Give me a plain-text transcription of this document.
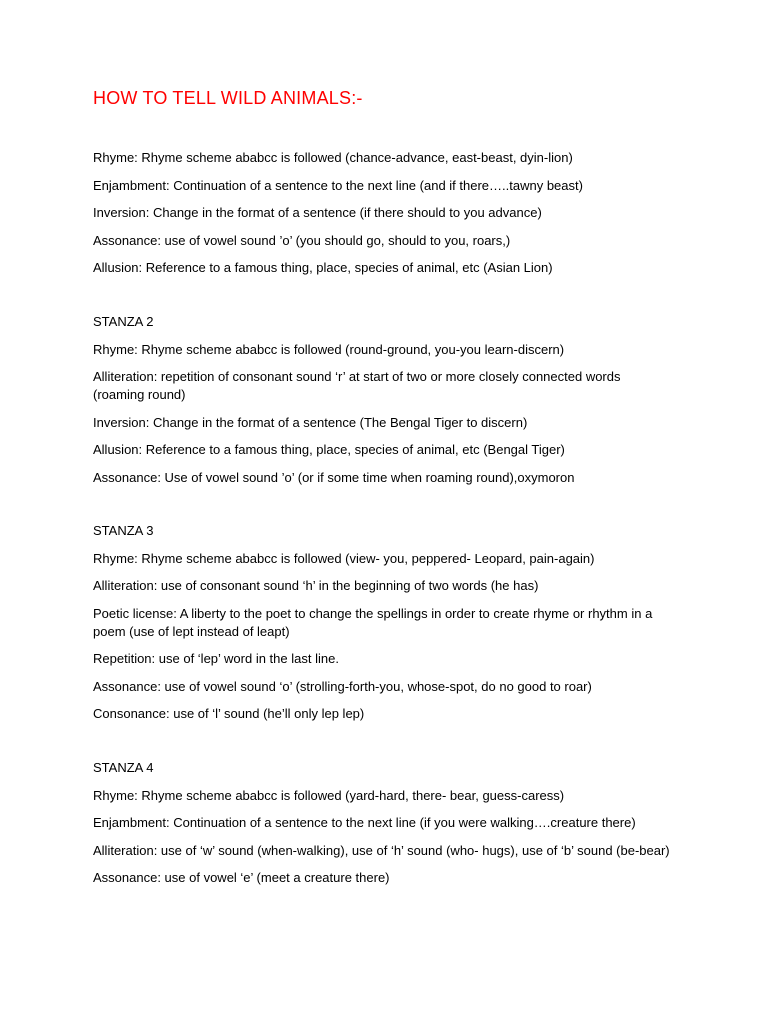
HOW TO TELL WILD ANIMALS:-
Rhyme: Rhyme scheme ababcc is followed (chance-advance, east-beast, dyin-lion)
Enjambment: Continuation of a sentence to the next line (and if there…..tawny beast)
Inversion: Change in the format of a sentence (if there should to you advance)
Assonance: use of vowel sound ’o’ (you should go, should to you, roars,)
Allusion: Reference to a famous thing, place, species of animal, etc (Asian Lion)
STANZA 2
Rhyme: Rhyme scheme ababcc is followed (round-ground, you-you learn-discern)
Alliteration: repetition of consonant sound ‘r’ at start of two or more closely connected words (roaming round)
Inversion: Change in the format of a sentence (The Bengal Tiger to discern)
Allusion: Reference to a famous thing, place, species of animal, etc (Bengal Tiger)
Assonance: Use of vowel sound ’o’ (or if some time when roaming round),oxymoron
STANZA 3
Rhyme: Rhyme scheme ababcc is followed (view- you, peppered- Leopard, pain-again)
Alliteration: use of consonant sound ‘h’ in the beginning of two words (he has)
Poetic license: A liberty to the poet to change the spellings in order to create rhyme or rhythm in a poem (use of lept instead of leapt)
Repetition: use of ‘lep’ word in the last line.
Assonance: use of vowel sound ‘o’ (strolling-forth-you, whose-spot, do no good to roar)
Consonance: use of ‘l’ sound (he’ll only lep lep)
STANZA 4
Rhyme: Rhyme scheme ababcc is followed (yard-hard, there- bear, guess-caress)
Enjambment: Continuation of a sentence to the next line (if you were walking….creature there)
Alliteration: use of ‘w’ sound (when-walking), use of ‘h’ sound (who- hugs), use of ‘b’ sound (be-bear)
Assonance: use of vowel ‘e’ (meet a creature there)
